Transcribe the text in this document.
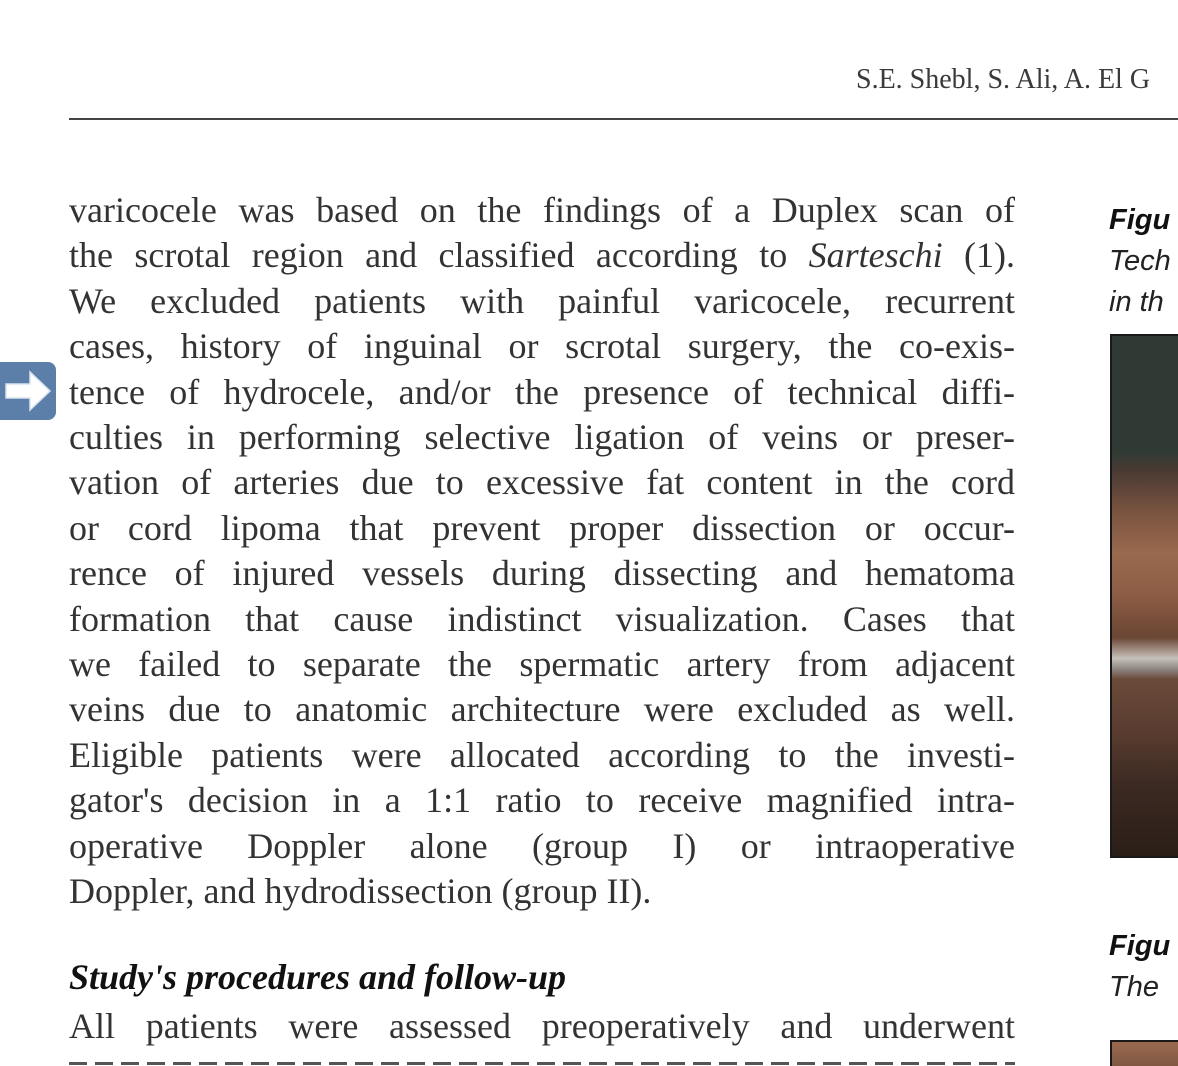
S.E. Shebl, S. Ali, A. El G
varicocele was based on the findings of a Duplex scan of
the scrotal region and classified according to Sarteschi (1).
We excluded patients with painful varicocele, recurrent
cases, history of inguinal or scrotal surgery, the co-exis-
tence of hydrocele, and/or the presence of technical diffi-
culties in performing selective ligation of veins or preser-
vation of arteries due to excessive fat content in the cord
or cord lipoma that prevent proper dissection or occur-
rence of injured vessels during dissecting and hematoma
formation that cause indistinct visualization. Cases that
we failed to separate the spermatic artery from adjacent
veins due to anatomic architecture were excluded as well.
Eligible patients were allocated according to the investi-
gator's decision in a 1:1 ratio to receive magnified intra-
operative Doppler alone (group I) or intraoperative
Doppler, and hydrodissection (group II).
Study's procedures and follow-up
All patients were assessed preoperatively and underwent
Figu
Tech
in th
Figu
The
